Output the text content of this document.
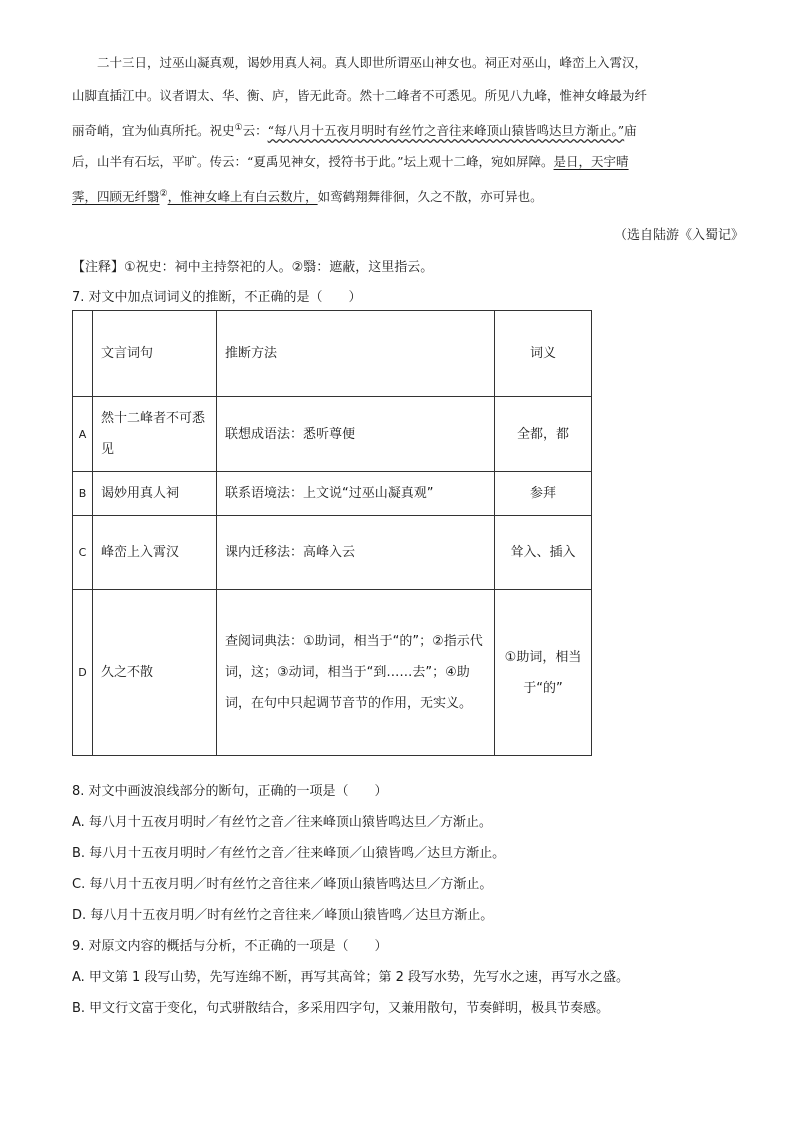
　　二十三日，过巫山凝真观，谒妙用真人祠。真人即世所谓巫山神女也。祠正对巫山，峰峦上入霄汉，
山脚直插江中。议者谓太、华、衡、庐，皆无此奇。然十二峰者不可悉见。所见八九峰，惟神女峰最为纤
丽奇峭，宜为仙真所托。祝史①云：“每八月十五夜月明时有丝竹之音往来峰顶山猿皆鸣达旦方渐止。”庙
后，山半有石坛，平旷。传云：“夏禹见神女，授符书于此。”坛上观十二峰，宛如屏障。是日，天宇晴
霁，四顾无纤翳②，惟神女峰上有白云数片，如鸾鹤翔舞徘徊，久之不散，亦可异也。
（选自陆游《入蜀记》
【注释】①祝史：祠中主持祭祀的人。②翳：遮蔽，这里指云。
7. 对文中加点词词义的推断，不正确的是（　　）
	文言词句	推断方法	词义
A	然十二峰者不可悉见	联想成语法：悉听尊便	全都，都
B	谒妙用真人祠	联系语境法：上文说“过巫山凝真观”	参拜
C	峰峦上入霄汉	课内迁移法：高峰入云	耸入、插入
D	久之不散	查阅词典法：①助词，相当于“的”；②指示代词，这；③动词，相当于“到……去”；④助词，在句中只起调节音节的作用，无实义。	①助词，相当于“的”
8. 对文中画波浪线部分的断句，正确的一项是（　　）
A. 每八月十五夜月明时／有丝竹之音／往来峰顶山猿皆鸣达旦／方渐止。
B. 每八月十五夜月明时／有丝竹之音／往来峰顶／山猿皆鸣／达旦方渐止。
C. 每八月十五夜月明／时有丝竹之音往来／峰顶山猿皆鸣达旦／方渐止。
D. 每八月十五夜月明／时有丝竹之音往来／峰顶山猿皆鸣／达旦方渐止。
9. 对原文内容的概括与分析，不正确的一项是（　　）
A. 甲文第 1 段写山势，先写连绵不断，再写其高耸；第 2 段写水势，先写水之速，再写水之盛。
B. 甲文行文富于变化，句式骈散结合，多采用四字句，又兼用散句，节奏鲜明，极具节奏感。
